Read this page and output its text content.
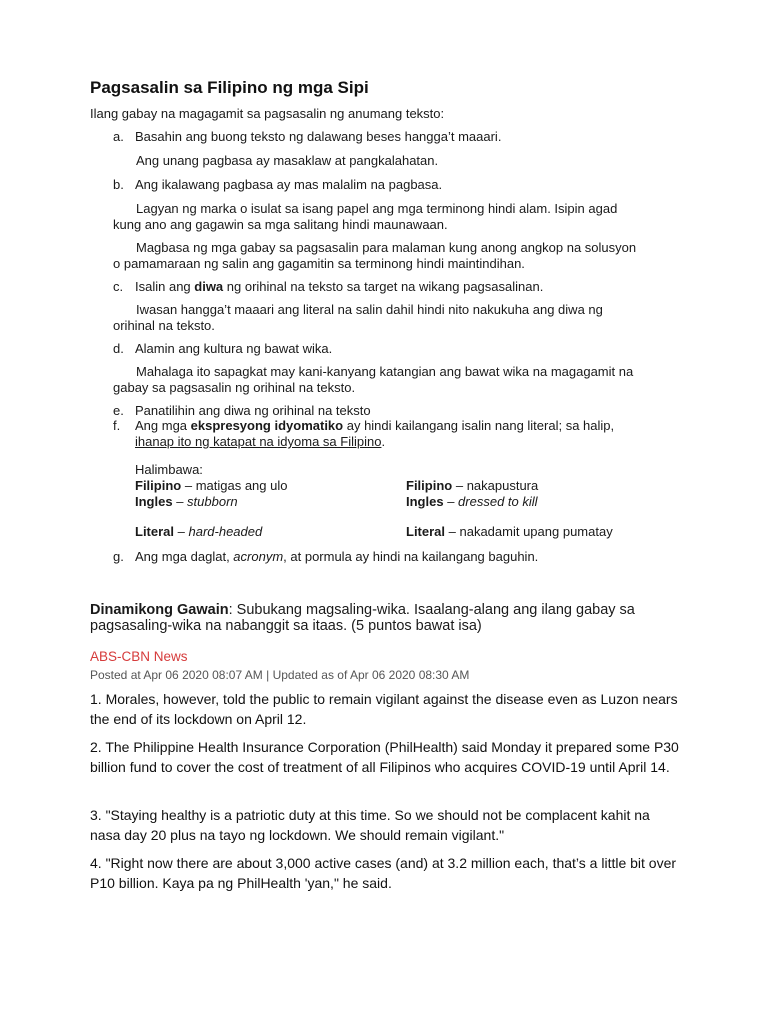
Pagsasalin sa Filipino ng mga Sipi
Ilang gabay na magagamit sa pagsasalin ng anumang teksto:
a. Basahin ang buong teksto ng dalawang beses hangga’t maaari.
Ang unang pagbasa ay masaklaw at pangkalahatan.
b. Ang ikalawang pagbasa ay mas malalim na pagbasa.
Lagyan ng marka o isulat sa isang papel ang mga terminong hindi alam. Isipin agad
kung ano ang gagawin sa mga salitang hindi maunawaan.
Magbasa ng mga gabay sa pagsasalin para malaman kung anong angkop na solusyon
o pamamaraan ng salin ang gagamitin sa terminong hindi maintindihan.
c. Isalin ang diwa ng orihinal na teksto sa target na wikang pagsasalinan.
Iwasan hangga’t maaari ang literal na salin dahil hindi nito nakukuha ang diwa ng
orihinal na teksto.
d. Alamin ang kultura ng bawat wika.
Mahalaga ito sapagkat may kani-kanyang katangian ang bawat wika na magagamit na
gabay sa pagsasalin ng orihinal na teksto.
e. Panatilihin ang diwa ng orihinal na teksto
f. Ang mga ekspresyong idyomatiko ay hindi kailangang isalin nang literal; sa halip,
ihanap ito ng katapat na idyoma sa Filipino.
Halimbawa:
Filipino – matigas ang ulo
Ingles – stubborn
Literal – hard-headed
Filipino – nakapustura
Ingles – dressed to kill
Literal – nakadamit upang pumatay
g. Ang mga daglat, acronym, at pormula ay hindi na kailangang baguhin.
Dinamikong Gawain: Subukang magsaling-wika. Isaalang-alang ang ilang gabay sa pagsasaling-wika na nabanggit sa itaas. (5 puntos bawat isa)
ABS-CBN News
Posted at Apr 06 2020 08:07 AM | Updated as of Apr 06 2020 08:30 AM
1. Morales, however, told the public to remain vigilant against the disease even as Luzon nears the end of its lockdown on April 12.
2. The Philippine Health Insurance Corporation (PhilHealth) said Monday it prepared some P30 billion fund to cover the cost of treatment of all Filipinos who acquires COVID-19 until April 14.
3. "Staying healthy is a patriotic duty at this time. So we should not be complacent kahit na nasa day 20 plus na tayo ng lockdown. We should remain vigilant."
4. "Right now there are about 3,000 active cases (and) at 3.2 million each, that’s a little bit over P10 billion. Kaya pa ng PhilHealth 'yan," he said.
